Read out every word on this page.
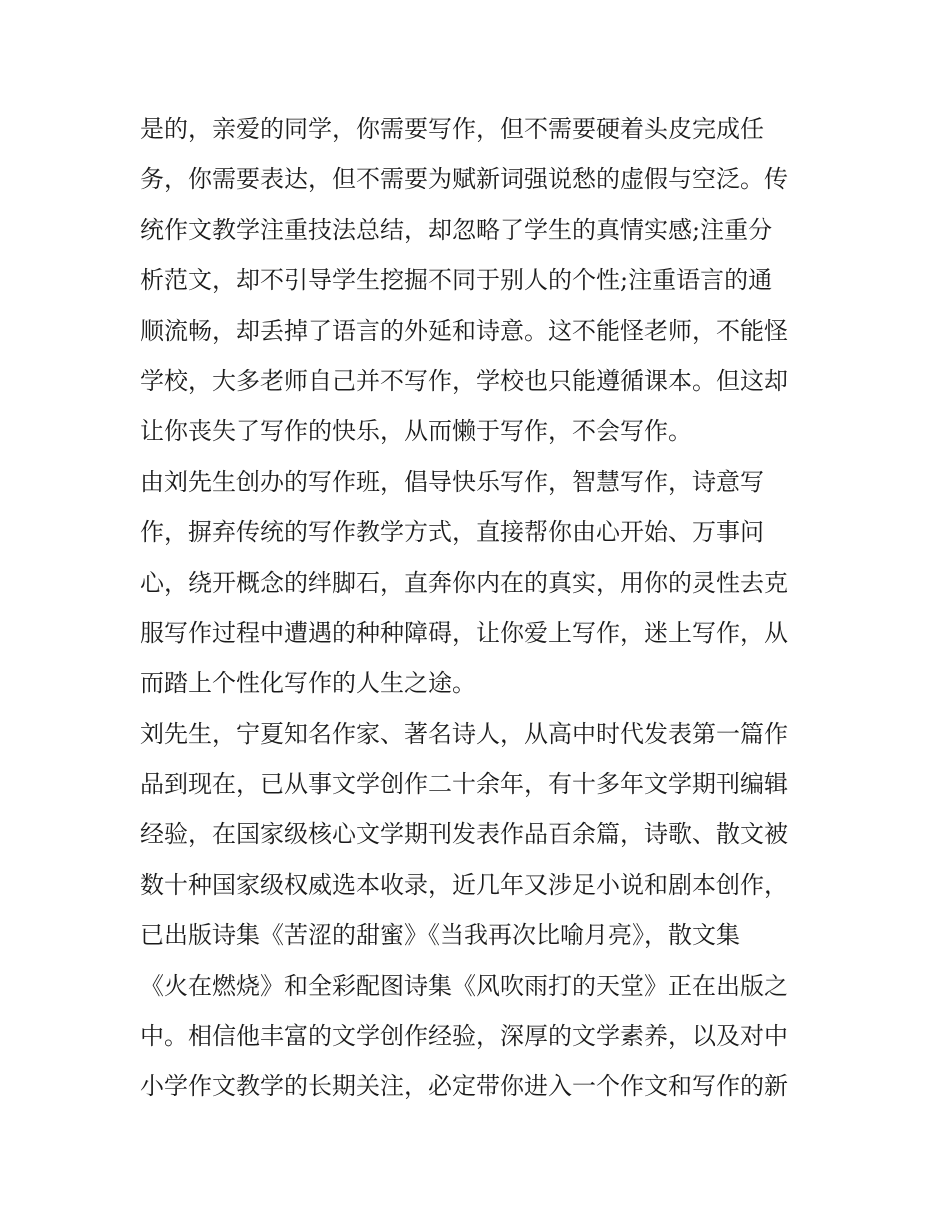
是的，亲爱的同学，你需要写作，但不需要硬着头皮完成任
务，你需要表达，但不需要为赋新词强说愁的虚假与空泛。传
统作文教学注重技法总结，却忽略了学生的真情实感;注重分
析范文，却不引导学生挖掘不同于别人的个性;注重语言的通
顺流畅，却丢掉了语言的外延和诗意。这不能怪老师，不能怪
学校，大多老师自己并不写作，学校也只能遵循课本。但这却
让你丧失了写作的快乐，从而懒于写作，不会写作。
由刘先生创办的写作班，倡导快乐写作，智慧写作，诗意写
作，摒弃传统的写作教学方式，直接帮你由心开始、万事问
心，绕开概念的绊脚石，直奔你内在的真实，用你的灵性去克
服写作过程中遭遇的种种障碍，让你爱上写作，迷上写作，从
而踏上个性化写作的人生之途。
刘先生，宁夏知名作家、著名诗人，从高中时代发表第一篇作
品到现在，已从事文学创作二十余年，有十多年文学期刊编辑
经验，在国家级核心文学期刊发表作品百余篇，诗歌、散文被
数十种国家级权威选本收录，近几年又涉足小说和剧本创作，
已出版诗集《苦涩的甜蜜》《当我再次比喻月亮》，散文集
《火在燃烧》和全彩配图诗集《风吹雨打的天堂》正在出版之
中。相信他丰富的文学创作经验，深厚的文学素养，以及对中
小学作文教学的长期关注，必定带你进入一个作文和写作的新
